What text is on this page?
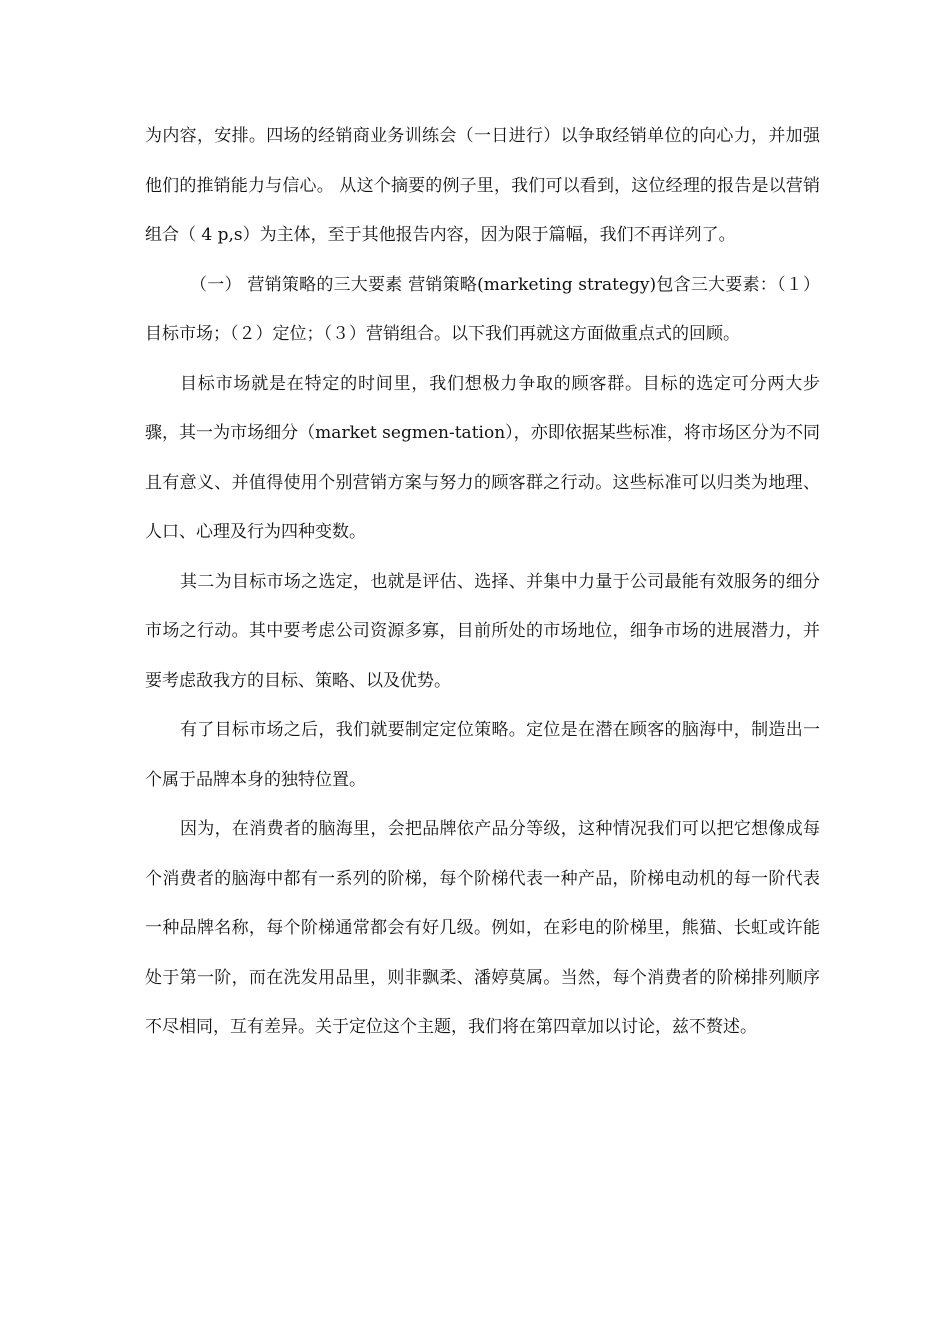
为内容，安排。四场的经销商业务训练会（一日进行）以争取经销单位的向心力，并加强他们的推销能力与信心。 从这个摘要的例子里，我们可以看到，这位经理的报告是以营销组合（ 4 p,s）为主体，至于其他报告内容，因为限于篇幅，我们不再详列了。

（一） 营销策略的三大要素 营销策略(marketing strategy)包含三大要素：（１）目标市场；（２）定位；（３）营销组合。以下我们再就这方面做重点式的回顾。

目标市场就是在特定的时间里，我们想极力争取的顾客群。目标的选定可分两大步骤，其一为市场细分（market segmen-tation），亦即依据某些标准，将市场区分为不同且有意义、并值得使用个别营销方案与努力的顾客群之行动。这些标准可以归类为地理、人口、心理及行为四种变数。

其二为目标市场之选定，也就是评估、选择、并集中力量于公司最能有效服务的细分市场之行动。其中要考虑公司资源多寡，目前所处的市场地位，细争市场的进展潜力，并要考虑敌我方的目标、策略、以及优势。

有了目标市场之后，我们就要制定定位策略。定位是在潜在顾客的脑海中，制造出一个属于品牌本身的独特位置。

因为，在消费者的脑海里，会把品牌依产品分等级，这种情况我们可以把它想像成每个消费者的脑海中都有一系列的阶梯，每个阶梯代表一种产品，阶梯电动机的每一阶代表一种品牌名称，每个阶梯通常都会有好几级。例如，在彩电的阶梯里，熊猫、长虹或许能处于第一阶，而在洗发用品里，则非飘柔、潘婷莫属。当然，每个消费者的阶梯排列顺序不尽相同，互有差异。关于定位这个主题，我们将在第四章加以讨论，兹不赘述。
